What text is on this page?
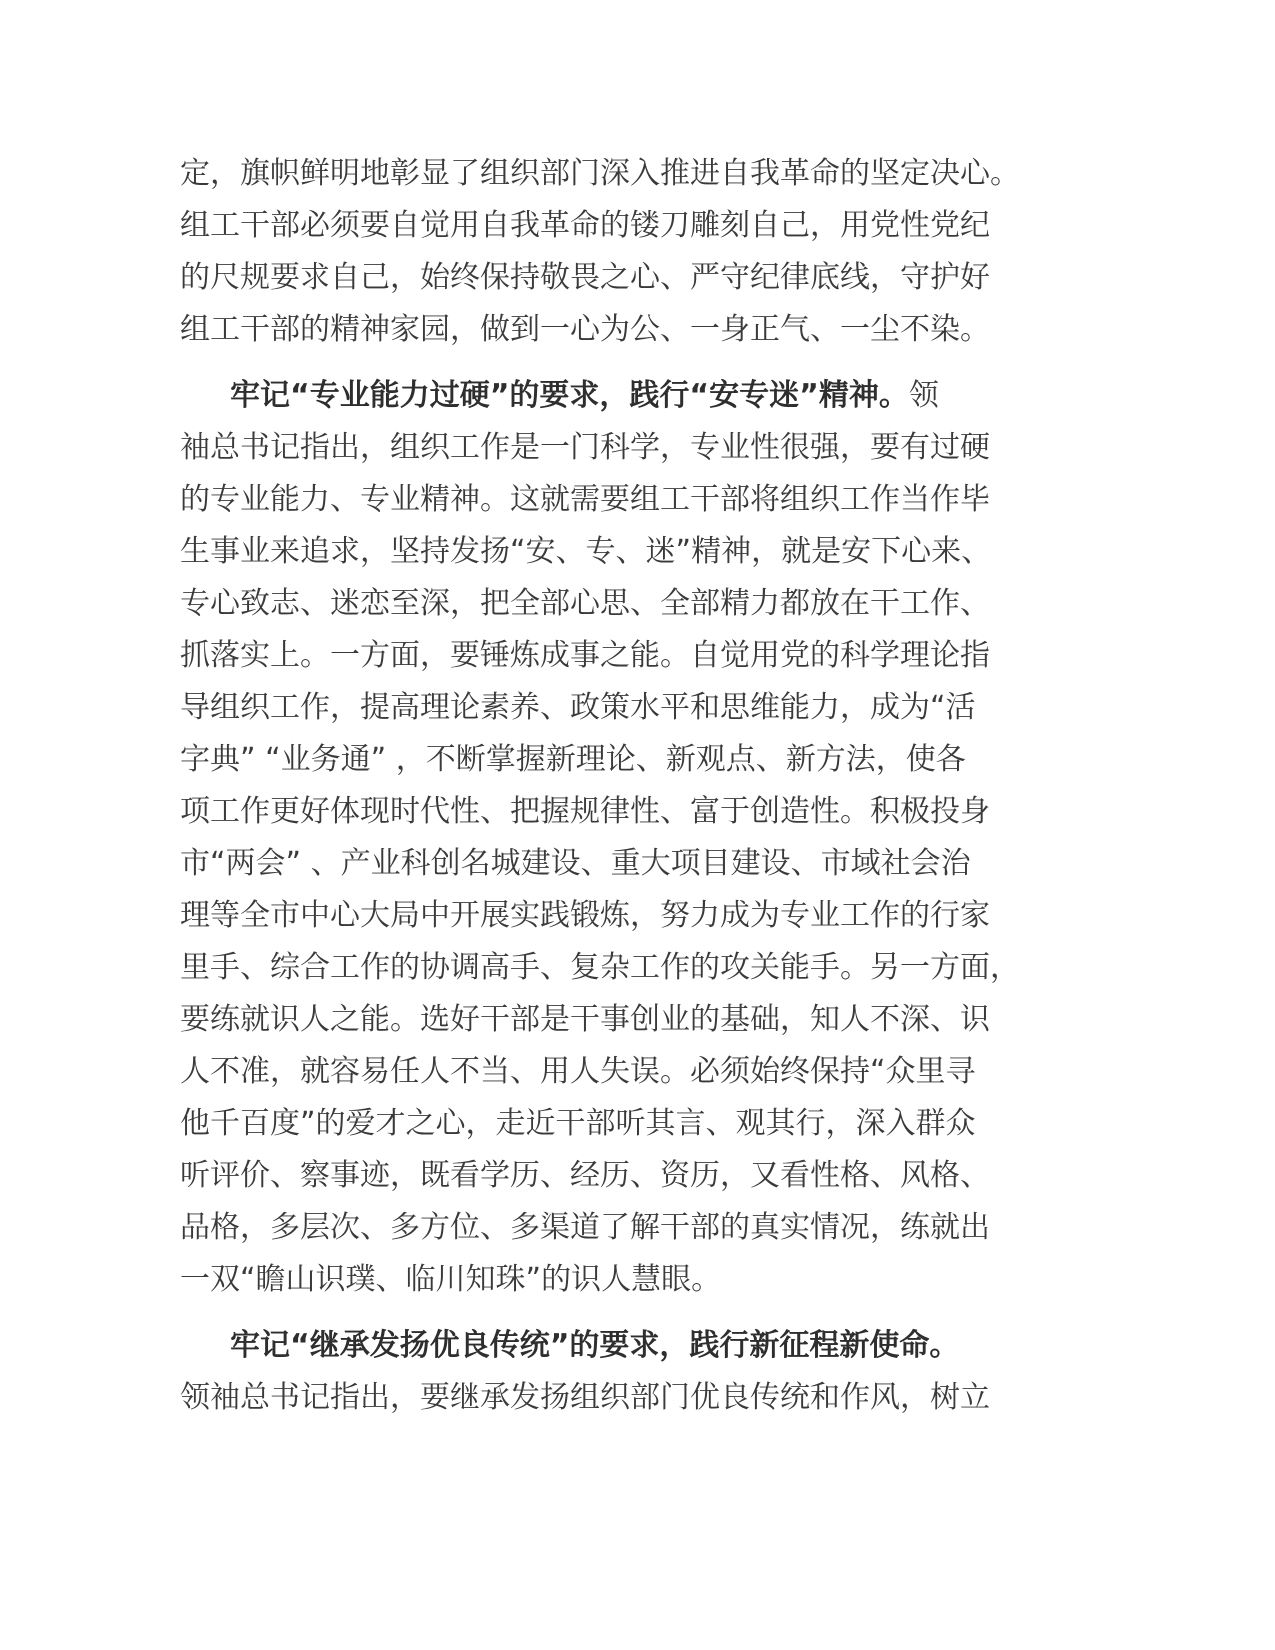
定，旗帜鲜明地彰显了组织部门深入推进自我革命的坚定决心。
组工干部必须要自觉用自我革命的镂刀雕刻自己，用党性党纪
的尺规要求自己，始终保持敬畏之心、严守纪律底线，守护好
组工干部的精神家园，做到一心为公、一身正气、一尘不染。
牢记“专业能力过硬”的要求，践行“安专迷”精神。领
袖总书记指出，组织工作是一门科学，专业性很强，要有过硬
的专业能力、专业精神。这就需要组工干部将组织工作当作毕
生事业来追求，坚持发扬“安、专、迷”精神，就是安下心来、
专心致志、迷恋至深，把全部心思、全部精力都放在干工作、
抓落实上。一方面，要锤炼成事之能。自觉用党的科学理论指
导组织工作，提高理论素养、政策水平和思维能力，成为“活
字典” “业务通” ，不断掌握新理论、新观点、新方法，使各
项工作更好体现时代性、把握规律性、富于创造性。积极投身
市“两会” 、产业科创名城建设、重大项目建设、市域社会治
理等全市中心大局中开展实践锻炼，努力成为专业工作的行家
里手、综合工作的协调高手、复杂工作的攻关能手。另一方面，
要练就识人之能。选好干部是干事创业的基础，知人不深、识
人不准，就容易任人不当、用人失误。必须始终保持“众里寻
他千百度”的爱才之心，走近干部听其言、观其行，深入群众
听评价、察事迹，既看学历、经历、资历，又看性格、风格、
品格，多层次、多方位、多渠道了解干部的真实情况，练就出
一双“瞻山识璞、临川知珠”的识人慧眼。
牢记“继承发扬优良传统”的要求，践行新征程新使命。
领袖总书记指出，要继承发扬组织部门优良传统和作风，树立
